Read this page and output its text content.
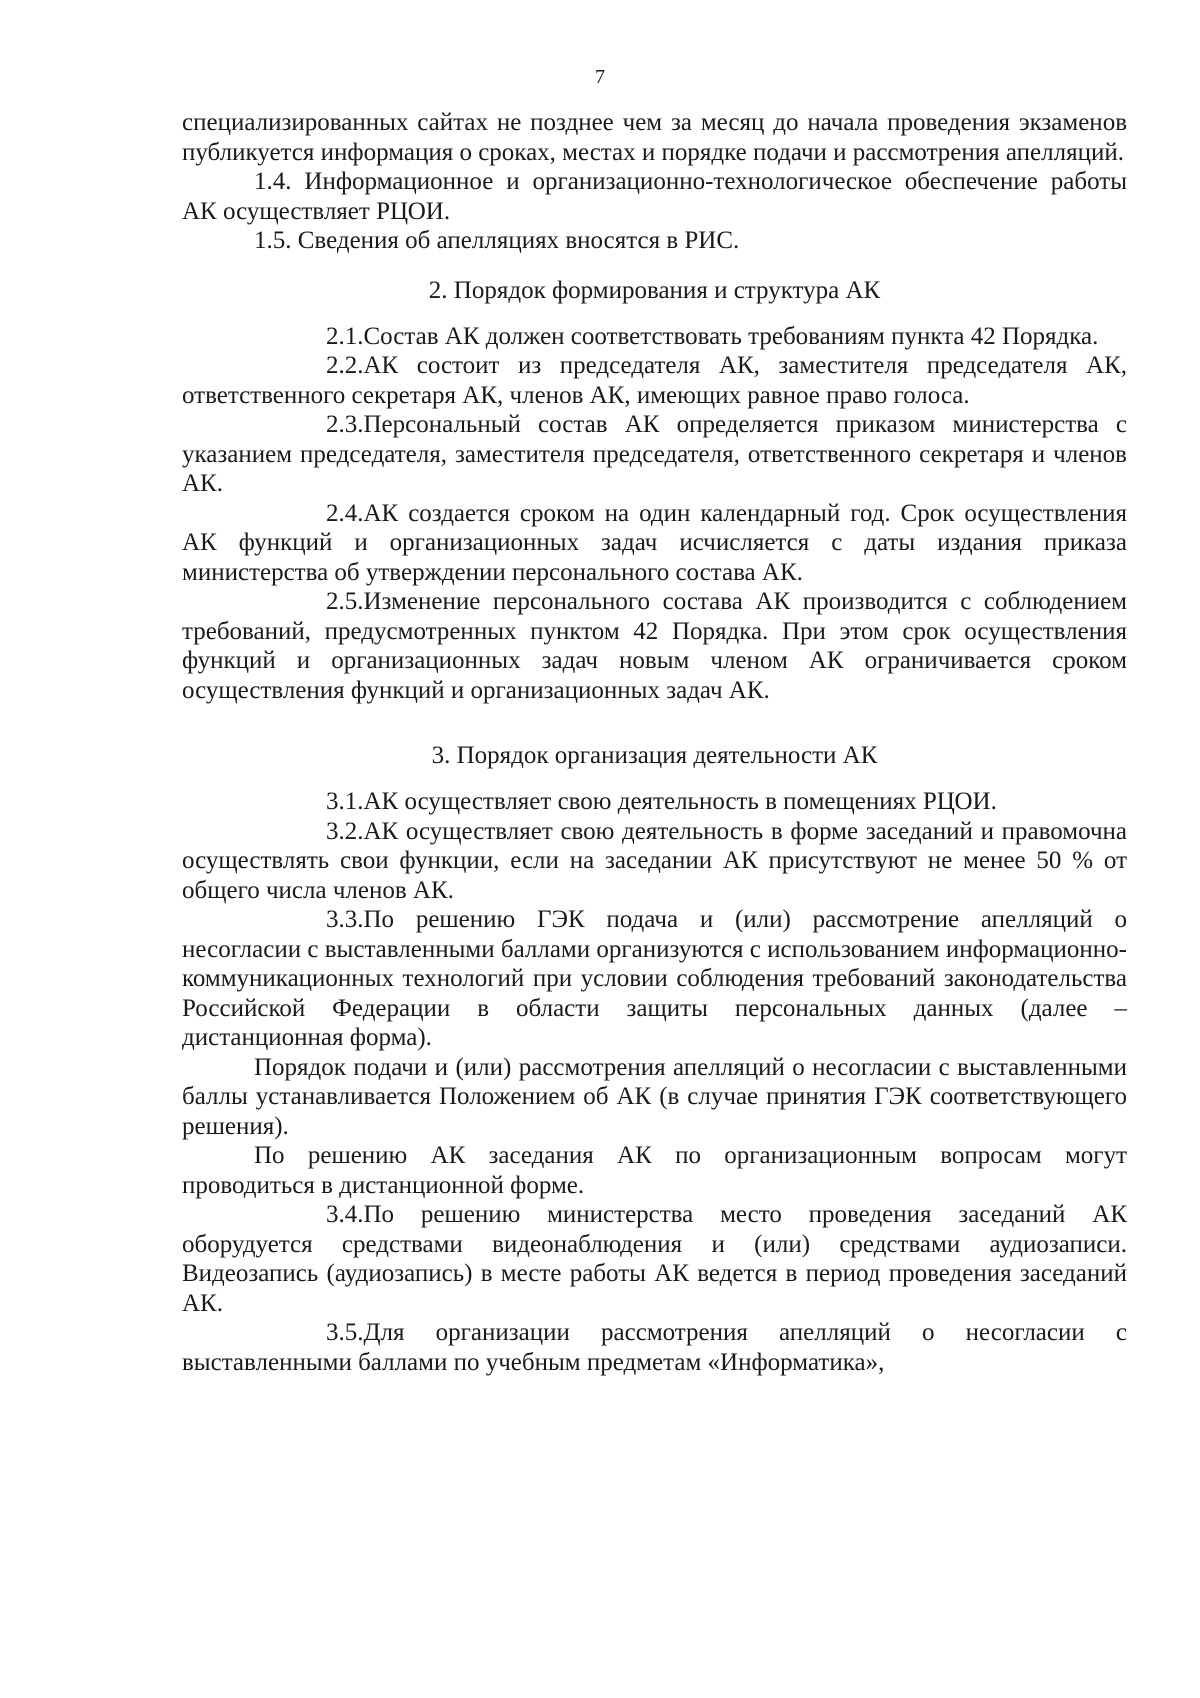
7

специализированных сайтах не позднее чем за месяц до начала проведения экзаменов публикуется информация о сроках, местах и порядке подачи и рассмотрения апелляций.

1.4. Информационное и организационно-технологическое обеспечение работы АК осуществляет РЦОИ.

1.5. Сведения об апелляциях вносятся в РИС.

2. Порядок формирования и структура АК

2.1.Состав АК должен соответствовать требованиям пункта 42 Порядка.

2.2.АК состоит из председателя АК, заместителя председателя АК, ответственного секретаря АК, членов АК, имеющих равное право голоса.

2.3.Персональный состав АК определяется приказом министерства с указанием председателя, заместителя председателя, ответственного секретаря и членов АК.

2.4.АК создается сроком на один календарный год. Срок осуществления АК функций и организационных задач исчисляется с даты издания приказа министерства об утверждении персонального состава АК.

2.5.Изменение персонального состава АК производится с соблюдением требований, предусмотренных пунктом 42 Порядка. При этом срок осуществления функций и организационных задач новым членом АК ограничивается сроком осуществления функций и организационных задач АК.

3. Порядок организация деятельности АК

3.1.АК осуществляет свою деятельность в помещениях РЦОИ.

3.2.АК осуществляет свою деятельность в форме заседаний и правомочна осуществлять свои функции, если на заседании АК присутствуют не менее 50 % от общего числа членов АК.

3.3.По решению ГЭК подача и (или) рассмотрение апелляций о несогласии с выставленными баллами организуются с использованием информационно-коммуникационных технологий при условии соблюдения требований законодательства Российской Федерации в области защиты персональных данных (далее – дистанционная форма).

Порядок подачи и (или) рассмотрения апелляций о несогласии с выставленными баллы устанавливается Положением об АК (в случае принятия ГЭК соответствующего решения).

По решению АК заседания АК по организационным вопросам могут проводиться в дистанционной форме.

3.4.По решению министерства место проведения заседаний АК оборудуется средствами видеонаблюдения и (или) средствами аудиозаписи. Видеозапись (аудиозапись) в месте работы АК ведется в период проведения заседаний АК.

3.5.Для организации рассмотрения апелляций о несогласии с выставленными баллами по учебным предметам «Информатика»,
